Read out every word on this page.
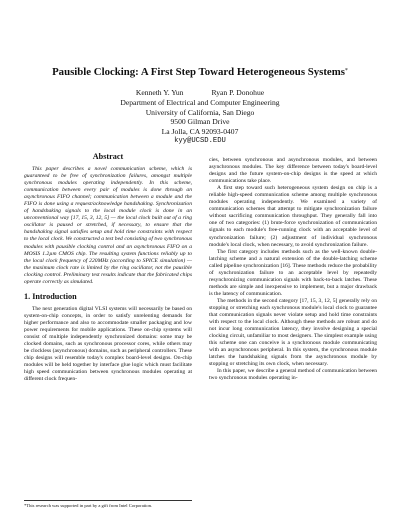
Pausible Clocking: A First Step Toward Heterogeneous Systems*
Kenneth Y. Yun	Ryan P. Donohue
Department of Electrical and Computer Engineering
University of California, San Diego
9500 Gilman Drive
La Jolla, CA 92093-0407
kyy@UCSD.EDU
Abstract

This paper describes a novel communication scheme, which is guaranteed to be free of synchronization failures, amongst multiple synchronous modules operating independently. In this scheme, communication between every pair of modules is done through an asynchronous FIFO channel; communication between a module and the FIFO is done using a request/acknowledge handshaking. Synchronization of handshaking signals to the local module clock is done in an unconventional way [17, 15, 3, 12, 5] — the local clock built out of a ring oscillator is paused or stretched, if necessary, to ensure that the handshaking signal satisfies setup and hold time constraints with respect to the local clock. We constructed a test bed consisting of two synchronous modules with pausible clocking control and an asynchronous FIFO on a MOSIS 1.2µm CMOS chip. The resulting system functions reliably up to the local clock frequency of 220MHz (according to SPICE simulation) — the maximum clock rate is limited by the ring oscillator, not the pausible clocking control. Preliminary test results indicate that the fabricated chips operate correctly as simulated.

1. Introduction

The next generation digital VLSI systems will necessarily be based on system-on-chip concepts, in order to satisfy unrelenting demands for higher performance and also to accommodate smaller packaging and low power requirements for mobile applications. These on-chip systems will consist of multiple independently synchronized domains: some may be clocked domains, such as synchronous processor cores, while others may be clockless (asynchronous) domains, such as peripheral controllers. These chip designs will resemble today's complex board-level designs. On-chip modules will be held together by interface glue logic which must facilitate high speed communication between synchronous modules operating at different clock frequen-

cies, between synchronous and asynchronous modules, and between asynchronous modules. The key difference between today's board-level designs and the future system-on-chip designs is the speed at which communications take place.

A first step toward such heterogeneous system design on chip is a reliable high-speed communication scheme among multiple synchronous modules operating independently. We examined a variety of communication schemes that attempt to mitigate synchronization failure without sacrificing communication throughput. They generally fall into one of two categories: (1) brute-force synchronization of communication signals to each module's free-running clock with an acceptable level of synchronization failure; (2) adjustment of individual synchronous module's local clock, when necessary, to avoid synchronization failure.

The first category includes methods such as the well-known double-latching scheme and a natural extension of the double-latching scheme called pipeline synchronization [16]. These methods reduce the probability of synchronization failure to an acceptable level by repeatedly resynchronizing communication signals with back-to-back latches. These methods are simple and inexpensive to implement, but a major drawback is the latency of communication.

The methods in the second category [17, 15, 3, 12, 5] generally rely on stopping or stretching each synchronous module's local clock to guarantee that communication signals never violate setup and hold time constraints with respect to the local clock. Although these methods are robust and do not incur long communication latency, they involve designing a special clocking circuit, unfamiliar to most designers. The simplest example using this scheme one can conceive is a synchronous module communicating with an asynchronous peripheral. In this system, the synchronous module latches the handshaking signals from the asynchronous module by stopping or stretching its own clock, when necessary.

In this paper, we describe a general method of communication between two synchronous modules operating in-

*This research was supported in part by a gift from Intel Corporation.
